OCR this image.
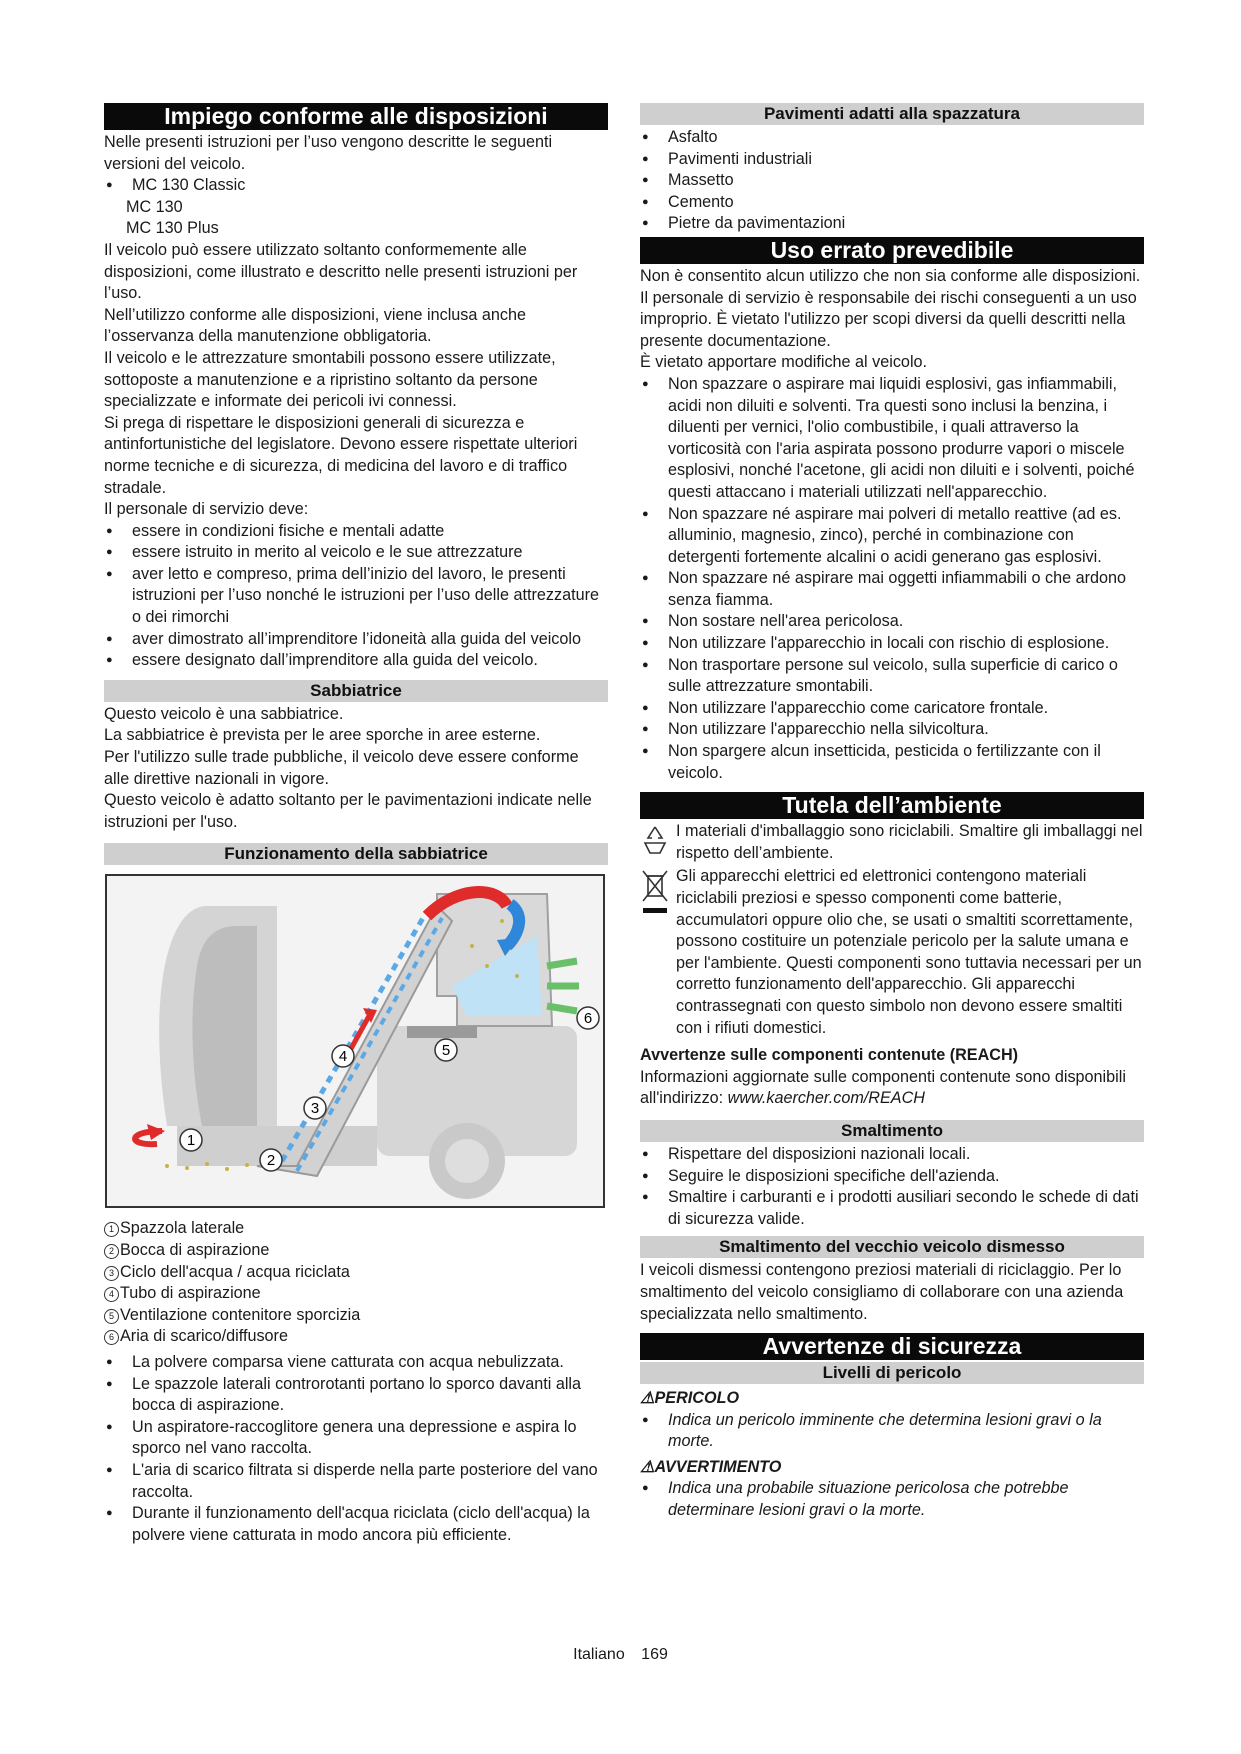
Impiego conforme alle disposizioni

Nelle presenti istruzioni per l’uso vengono descritte le seguenti versioni del veicolo.

● MC 130 Classic

MC 130

MC 130 Plus

Il veicolo può essere utilizzato soltanto conformemente alle disposizioni, come illustrato e descritto nelle presenti istruzioni per l’uso.

Nell’utilizzo conforme alle disposizioni, viene inclusa anche l’osservanza della manutenzione obbligatoria.

Il veicolo e le attrezzature smontabili possono essere utilizzate, sottoposte a manutenzione e a ripristino soltanto da persone specializzate e informate dei pericoli ivi connessi.

Si prega di rispettare le disposizioni generali di sicurezza e antinfortunistiche del legislatore. Devono essere rispettate ulteriori norme tecniche e di sicurezza, di medicina del lavoro e di traffico stradale.

Il personale di servizio deve:

● essere in condizioni fisiche e mentali adatte
● essere istruito in merito al veicolo e le sue attrezzature
● aver letto e compreso, prima dell’inizio del lavoro, le presenti istruzioni per l’uso nonché le istruzioni per l’uso delle attrezzature o dei rimorchi
● aver dimostrato all’imprenditore l’idoneità alla guida del veicolo
● essere designato dall’imprenditore alla guida del veicolo.
Sabbiatrice

Questo veicolo è una sabbiatrice.

La sabbiatrice è prevista per le aree sporche in aree esterne.

Per l'utilizzo sulle trade pubbliche, il veicolo deve essere conforme alle direttive nazionali in vigore.

Questo veicolo è adatto soltanto per le pavimentazioni indicate nelle istruzioni per l'uso.

Funzionamento della sabbiatrice
1
2
3
4	5
6
1 Spazzola laterale
2 Bocca di aspirazione
3 Ciclo dell'acqua / acqua riciclata
4 Tubo di aspirazione
5 Ventilazione contenitore sporcizia
6 Aria di scarico/diffusore
● La polvere comparsa viene catturata con acqua nebulizzata.
● Le spazzole laterali controrotanti portano lo sporco davanti alla bocca di aspirazione.
● Un aspiratore-raccoglitore genera una depressione e aspira lo sporco nel vano raccolta.
● L'aria di scarico filtrata si disperde nella parte posteriore del vano raccolta.
● Durante il funzionamento dell'acqua riciclata (ciclo dell'acqua) la polvere viene catturata in modo ancora più efficiente.
Pavimenti adatti alla spazzatura
● Asfalto
● Pavimenti industriali
● Massetto
● Cemento
● Pietre da pavimentazioni
Uso errato prevedibile

Non è consentito alcun utilizzo che non sia conforme alle disposizioni.

Il personale di servizio è responsabile dei rischi conseguenti a un uso improprio. È vietato l'utilizzo per scopi diversi da quelli descritti nella presente documentazione.

È vietato apportare modifiche al veicolo.

● Non spazzare o aspirare mai liquidi esplosivi, gas infiammabili, acidi non diluiti e solventi. Tra questi sono inclusi la benzina, i diluenti per vernici, l'olio combustibile, i quali attraverso la vorticosità con l'aria aspirata possono produrre vapori o miscele esplosivi, nonché l'acetone, gli acidi non diluiti e i solventi, poiché questi attaccano i materiali utilizzati nell'apparecchio.
● Non spazzare né aspirare mai polveri di metallo reattive (ad es. alluminio, magnesio, zinco), perché in combinazione con detergenti fortemente alcalini o acidi generano gas esplosivi.
● Non spazzare né aspirare mai oggetti infiammabili o che ardono senza fiamma.
● Non sostare nell'area pericolosa.
● Non utilizzare l'apparecchio in locali con rischio di esplosione.
● Non trasportare persone sul veicolo, sulla superficie di carico o sulle attrezzature smontabili.
● Non utilizzare l'apparecchio come caricatore frontale.
● Non utilizzare l'apparecchio nella silvicoltura.
● Non spargere alcun insetticida, pesticida o fertilizzante con il veicolo.
Tutela dell’ambiente

I materiali d'imballaggio sono riciclabili. Smaltire gli imballaggi nel rispetto dell’ambiente.

Gli apparecchi elettrici ed elettronici contengono materiali riciclabili preziosi e spesso componenti come batterie, accumulatori oppure olio che, se usati o smaltiti scorrettamente, possono costituire un potenziale pericolo per la salute umana e per l'ambiente. Questi componenti sono tuttavia necessari per un corretto funzionamento dell'apparecchio. Gli apparecchi contrassegnati con questo simbolo non devono essere smaltiti con i rifiuti domestici.

Avvertenze sulle componenti contenute (REACH)

Informazioni aggiornate sulle componenti contenute sono disponibili all'indirizzo: www.kaercher.com/REACH

Smaltimento
● Rispettare del disposizioni nazionali locali.
● Seguire le disposizioni specifiche dell'azienda.
● Smaltire i carburanti e i prodotti ausiliari secondo le schede di dati di sicurezza valide.
Smaltimento del vecchio veicolo dismesso

I veicoli dismessi contengono preziosi materiali di riciclaggio. Per lo smaltimento del veicolo consigliamo di collaborare con una azienda specializzata nello smaltimento.

Avvertenze di sicurezza
Livelli di pericolo
⚠PERICOLO
● Indica un pericolo imminente che determina lesioni gravi o la morte.
⚠AVVERTIMENTO
● Indica una probabile situazione pericolosa che potrebbe determinare lesioni gravi o la morte.
Italiano 169
